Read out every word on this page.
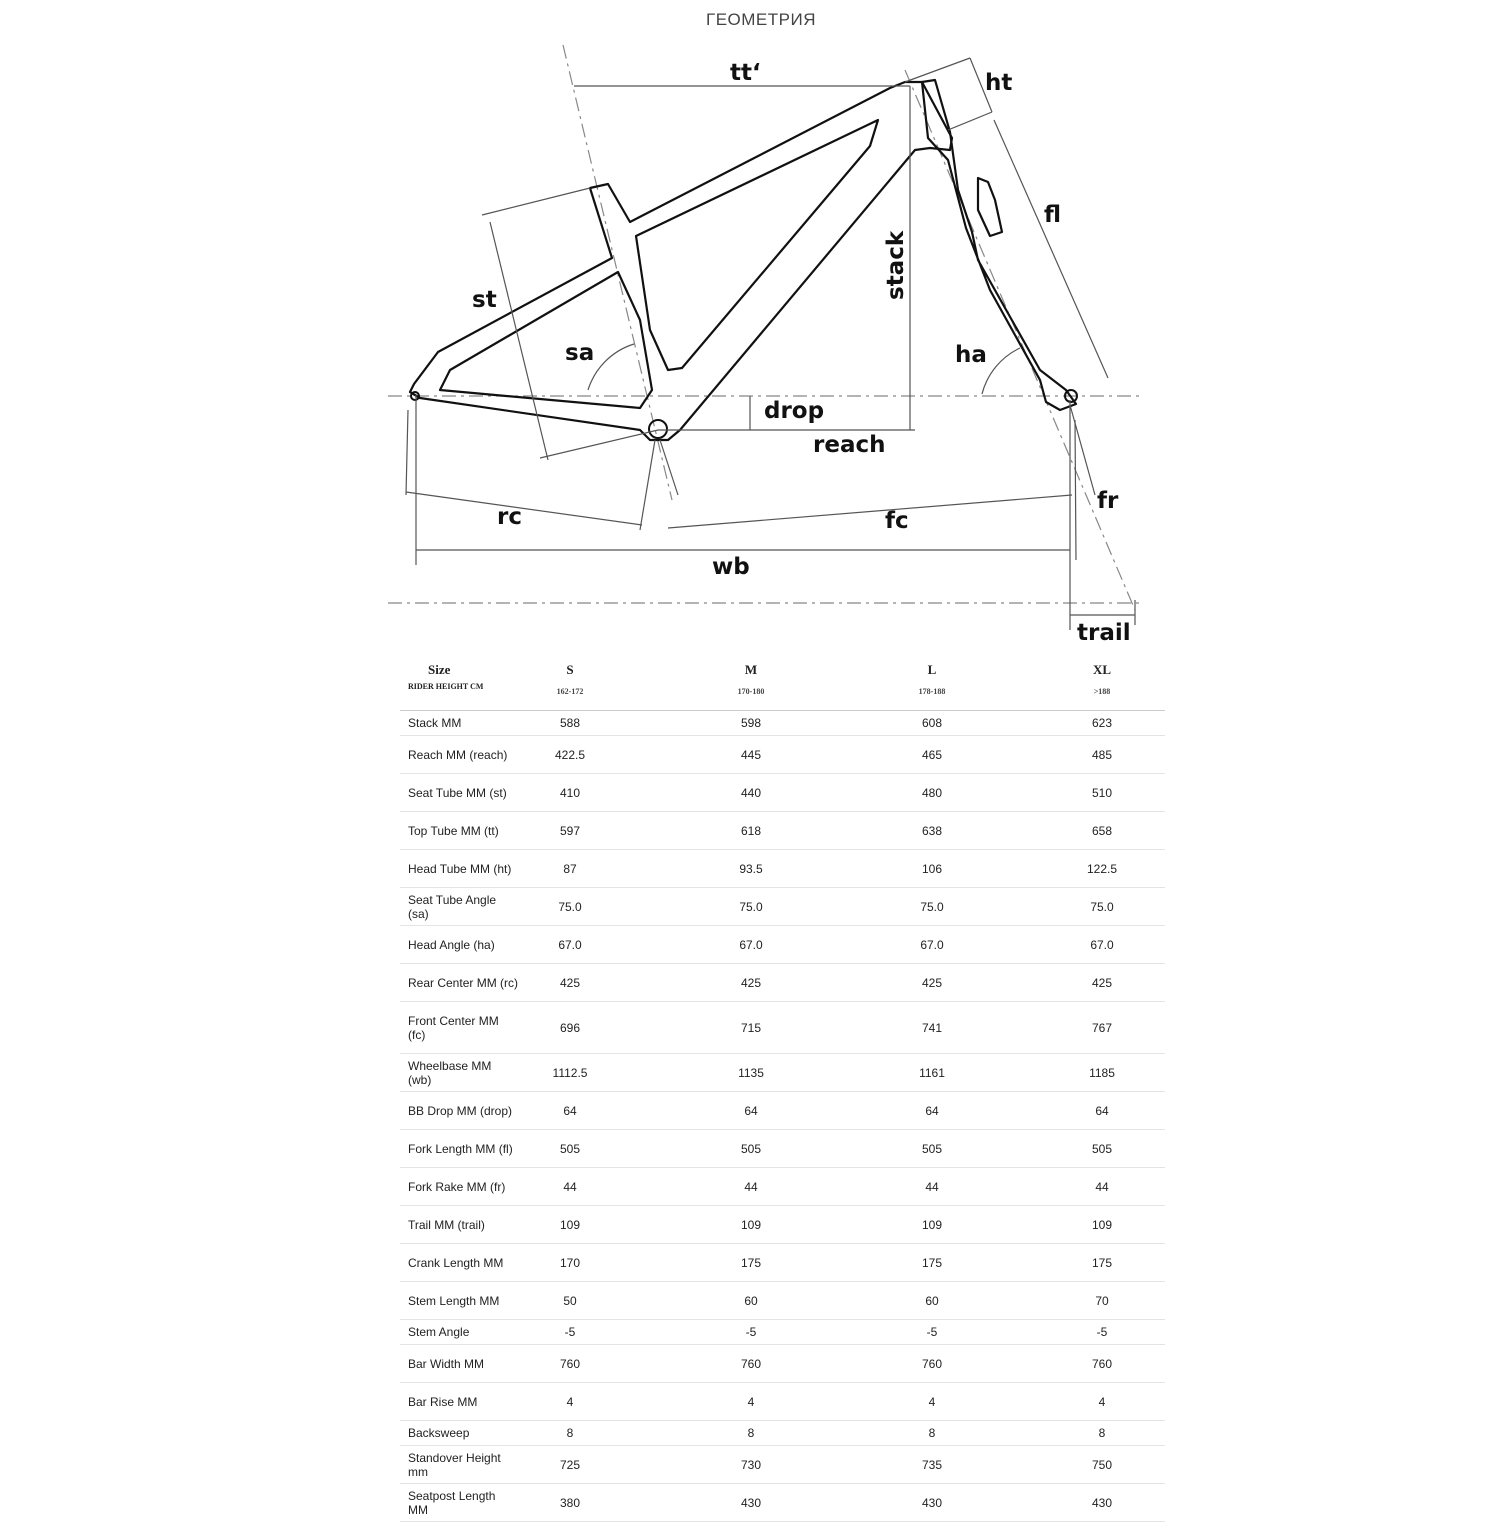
ГЕОМЕТРИЯ
tt‘	ht
fl
stack
st
sa	ha
drop
reach
rc	fc
fr
wb
trail
Size
RIDER HEIGHT CM
S	M	L	XL
162-172	170-180	178-188	>188
Stack MM	588	598	608	623
Reach MM (reach)	422.5	445	465	485
Seat Tube MM (st)	410	440	480	510
Top Tube MM (tt)	597	618	638	658
Head Tube MM (ht)	87	93.5	106	122.5
Seat Tube Angle (sa)	75.0	75.0	75.0	75.0
Head Angle (ha)	67.0	67.0	67.0	67.0
Rear Center MM (rc)	425	425	425	425
Front Center MM (fc)	696	715	741	767
Wheelbase MM (wb)	1112.5	1135	1161	1185
BB Drop MM (drop)	64	64	64	64
Fork Length MM (fl)	505	505	505	505
Fork Rake MM (fr)	44	44	44	44
Trail MM (trail)	109	109	109	109
Crank Length MM	170	175	175	175
Stem Length MM	50	60	60	70
Stem Angle	-5	-5	-5	-5
Bar Width MM	760	760	760	760
Bar Rise MM	4	4	4	4
Backsweep	8	8	8	8
Standover Height mm	725	730	735	750
Seatpost Length MM	380	430	430	430
